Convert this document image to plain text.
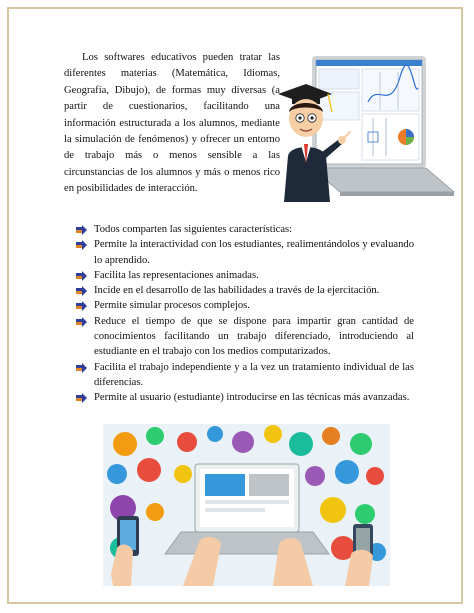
Los softwares educativos pueden tratar las diferentes materias (Matemática, Idiomas, Geografía, Dibujo), de formas muy diversas (a partir de cuestionarios, facilitando una información estructurada a los alumnos, mediante la simulación de fenómenos) y ofrecer un entorno de trabajo más o menos sensible a las circunstancias de los alumnos y más o menos rico en posibilidades de interacción.

Todos comparten las siguientes características:
Permite la interactividad con los estudiantes, realimentándolos y evaluando lo aprendido.
Facilita las representaciones animadas.
Incide en el desarrollo de las habilidades a través de la ejercitación.
Permite simular procesos complejos.
Reduce el tiempo de que se dispone para impartir gran cantidad de conocimientos facilitando un trabajo diferenciado, introduciendo al estudiante en el trabajo con los medios computarizados.
Facilita el trabajo independiente y a la vez un tratamiento individual de las diferencias.
Permite al usuario (estudiante) introducirse en las técnicas más avanzadas.
